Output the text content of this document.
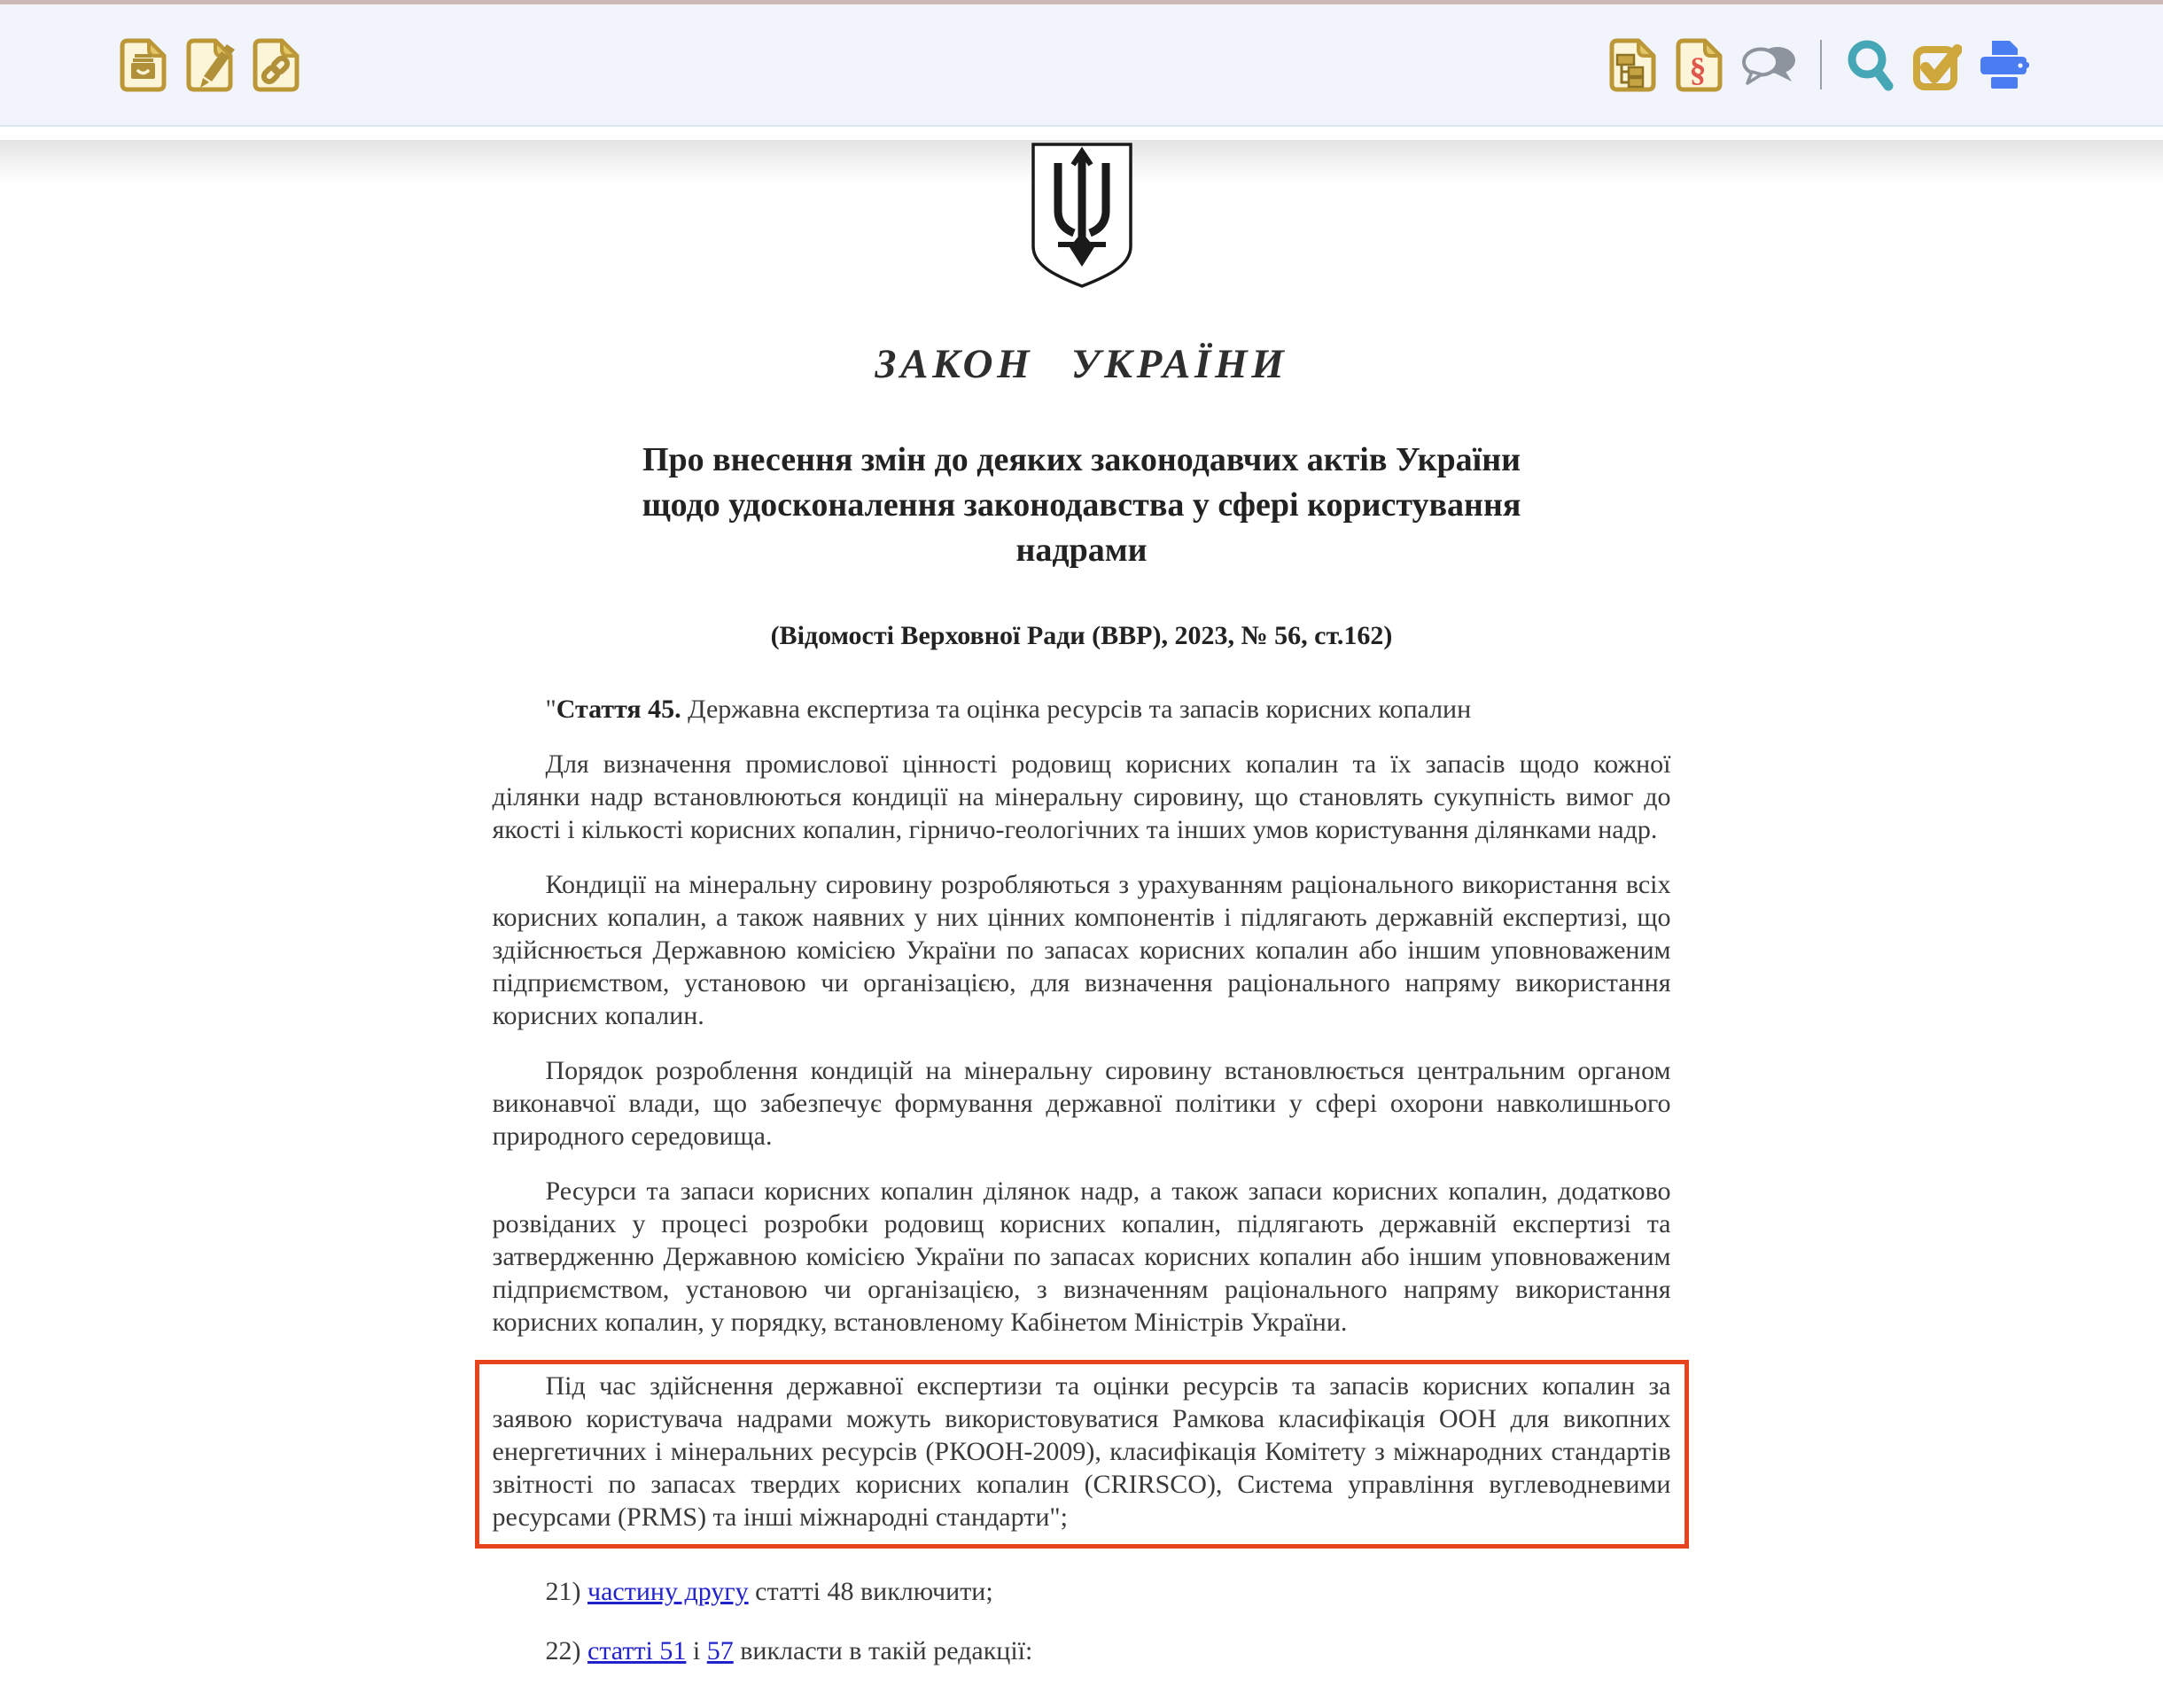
§
ЗАКОН УКРАЇНИ
Про внесення змін до деяких законодавчих актів України
щодо удосконалення законодавства у сфері користування
надрами

(Відомості Верховної Ради (ВВР), 2023, № 56, ст.162)

"Стаття 45. Державна експертиза та оцінка ресурсів та запасів корисних копалин

Для визначення промислової цінності родовищ корисних копалин та їх запасів щодо кожної ділянки надр встановлюються кондиції на мінеральну сировину, що становлять сукупність вимог до якості і кількості корисних копалин, гірничо-геологічних та інших умов користування ділянками надр.

Кондиції на мінеральну сировину розробляються з урахуванням раціонального використання всіх корисних копалин, а також наявних у них цінних компонентів і підлягають державній експертизі, що здійснюється Державною комісією України по запасах корисних копалин або іншим уповноваженим підприємством, установою чи організацією, для визначення раціонального напряму використання корисних копалин.

Порядок розроблення кондицій на мінеральну сировину встановлюється центральним органом виконавчої влади, що забезпечує формування державної політики у сфері охорони навколишнього природного середовища.

Ресурси та запаси корисних копалин ділянок надр, а також запаси корисних копалин, додатково розвіданих у процесі розробки родовищ корисних копалин, підлягають державній експертизі та затвердженню Державною комісією України по запасах корисних копалин або іншим уповноваженим підприємством, установою чи організацією, з визначенням раціонального напряму використання корисних копалин, у порядку, встановленому Кабінетом Міністрів України.

Під час здійснення державної експертизи та оцінки ресурсів та запасів корисних копалин за заявою користувача надрами можуть використовуватися Рамкова класифікація ООН для викопних енергетичних і мінеральних ресурсів (РКООН-2009), класифікація Комітету з міжнародних стандартів звітності по запасах твердих корисних копалин (CRIRSCO), Система управління вуглеводневими ресурсами (PRMS) та інші міжнародні стандарти";

21) частину другу статті 48 виключити;

22) статті 51 і 57 викласти в такій редакції:
